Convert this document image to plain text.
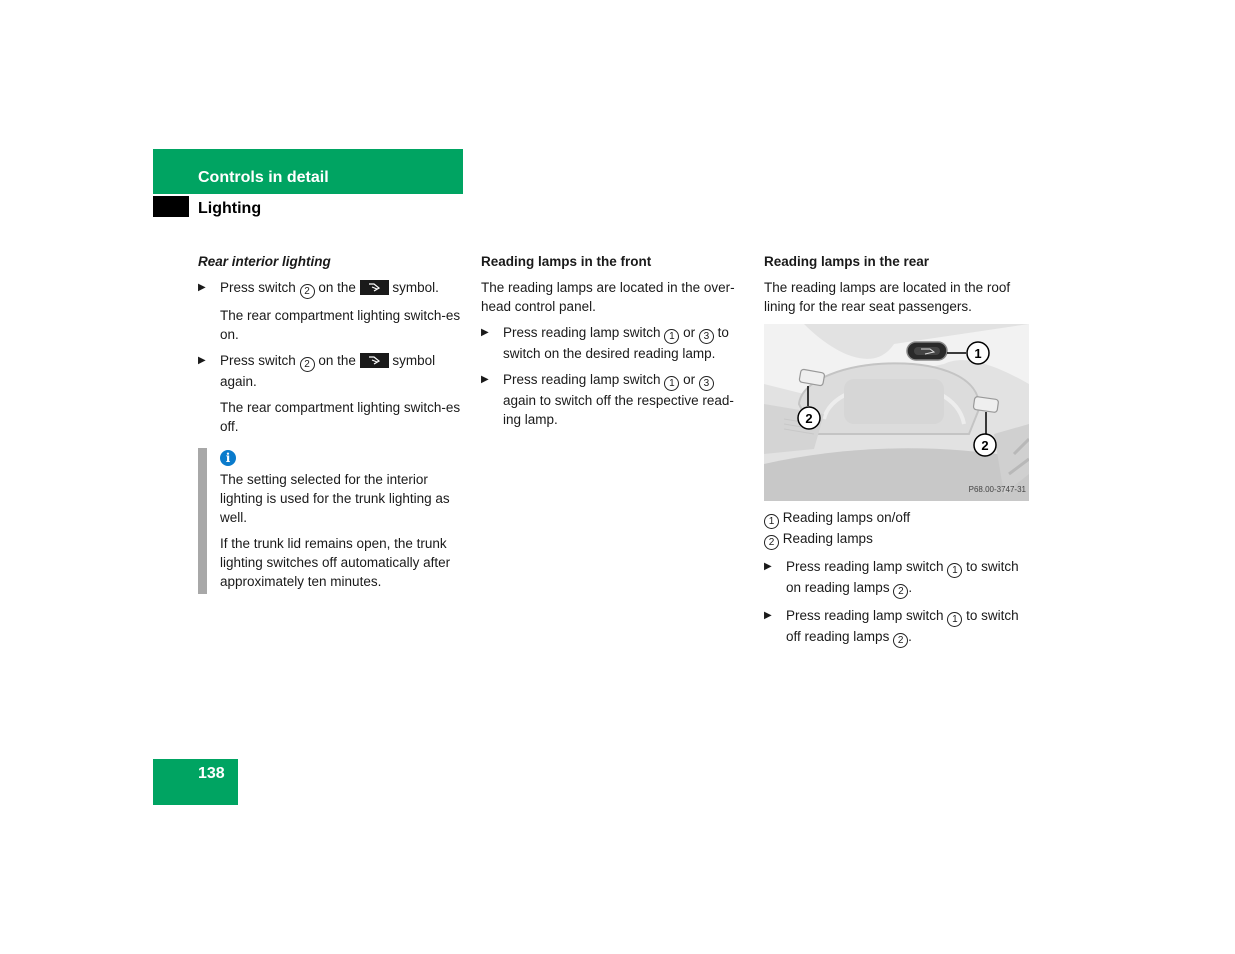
Controls in detail
Lighting
Rear interior lighting
▶ Press switch 2 on the	symbol.
The rear compartment lighting switch-es on.
▶ Press switch 2 on the	symbol again.
The rear compartment lighting switch-es off.
i

The setting selected for the interior lighting is used for the trunk lighting as well.

If the trunk lid remains open, the trunk lighting switches off automatically after approximately ten minutes.

Reading lamps in the front

The reading lamps are located in the over-head control panel.

▶ Press reading lamp switch 1 or 3 to switch on the desired reading lamp.
▶ Press reading lamp switch 1 or 3 again to switch off the respective read-ing lamp.
Reading lamps in the rear

The reading lamps are located in the roof lining for the rear seat passengers.

1
2
2
P68.00-3747-31
1 Reading lamps on/off
2 Reading lamps
▶ Press reading lamp switch 1 to switch on reading lamps 2 .
▶ Press reading lamp switch 1 to switch off reading lamps 2 .
138
